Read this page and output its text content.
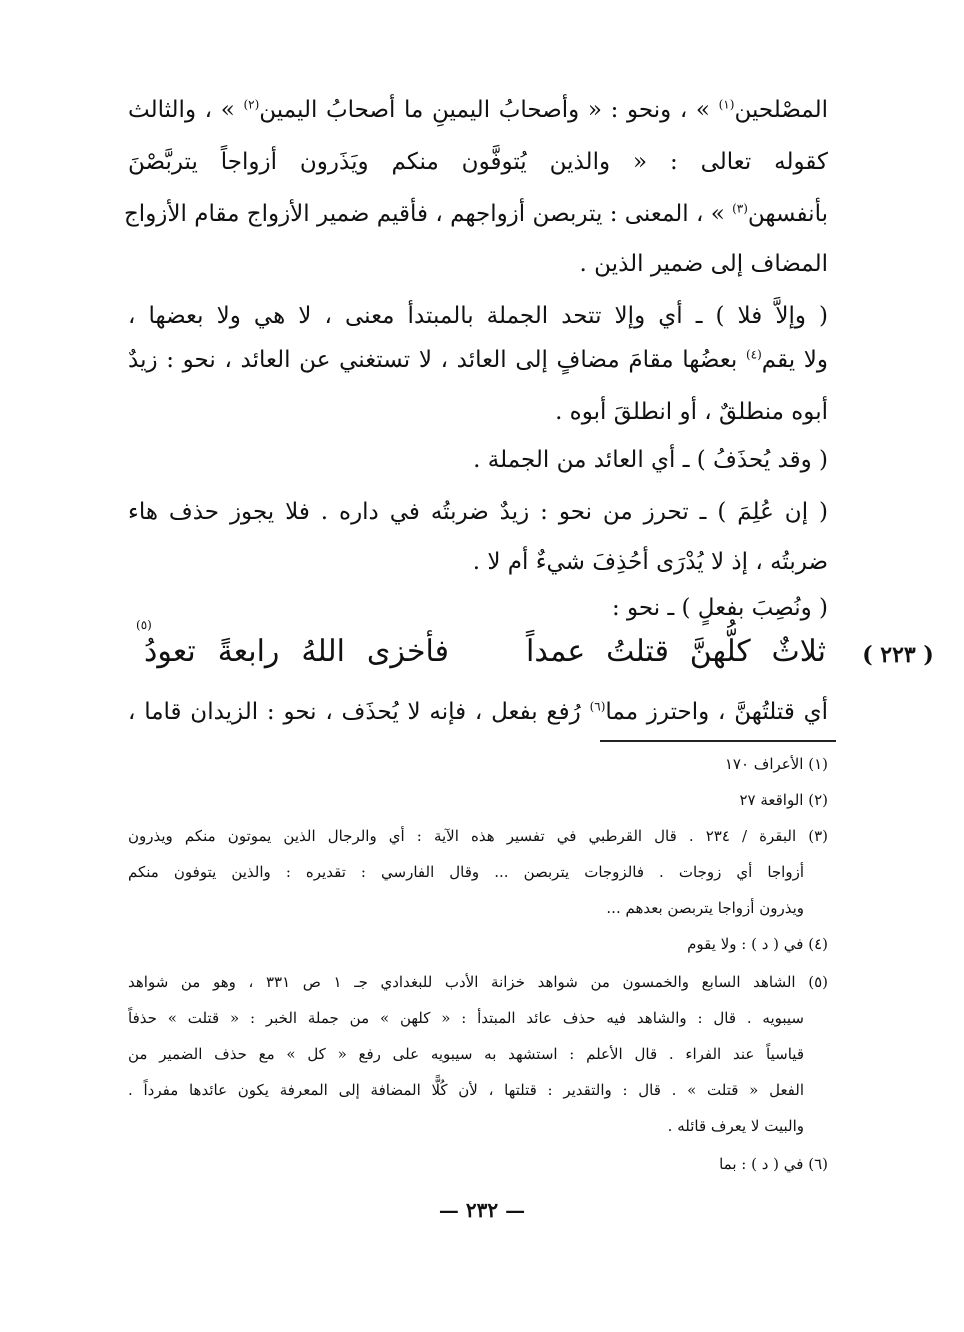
المصْلحين$^{(١)}$ » ، ونحو : « وأصحابُ اليمينِ ما أصحابُ اليمين$^{(٢)}$ » ، والثالث
كقوله تعالى : « والذين يُتوفَّون منكم ويَذَرون أزواجاً يتربَّصْنَ
بأنفسهن$^{(٣)}$ » ، المعنى : يتربصن أزواجهم ، فأقيم ضمير الأزواج مقام الأزواج
المضاف إلى ضمير الذين .
( وإلاَّ فلا ) ـ أي وإلا تتحد الجملة بالمبتدأ معنى ، لا هي ولا بعضها ،
ولا يقم$^{(٤)}$ بعضُها مقامَ مضافٍ إلى العائد ، لا تستغني عن العائد ، نحو : زيدٌ
أبوه منطلقٌ ، أو انطلقَ أبوه .
( وقد يُحذَفُ ) ـ أي العائد من الجملة .
( إن عُلِمَ ) ـ تحرز من نحو : زيدٌ ضربتُه في داره . فلا يجوز حذف هاء
ضربتُه ، إذ لا يُدْرَى أحُذِفَ شيءٌ أم لا .
( ونُصِبَ بفعلٍ ) ـ نحو :
( ٢٢٣ )
ثلاثٌ كلُّهنَّ قتلتُ عمداً
فأخزى اللهُ رابعةً تعودُ
(٥)
أي قتلتُهنَّ ، واحترز مما$^{(٦)}$ رُفع بفعل ، فإنه لا يُحذَف ، نحو : الزيدان قاما ،
(١) الأعراف ١٧٠
(٢) الواقعة ٢٧
(٣) البقرة / ٢٣٤ . قال القرطبي في تفسير هذه الآية : أي والرجال الذين يموتون منكم ويذرون
أزواجا أي زوجات . فالزوجات يتربصن ... وقال الفارسي : تقديره : والذين يتوفون منكم
ويذرون أزواجا يتربصن بعدهم ...
(٤) في ( د ) : ولا يقوم
(٥) الشاهد السابع والخمسون من شواهد خزانة الأدب للبغدادي جـ ١ ص ٣٣١ ، وهو من شواهد
سيبويه . قال : والشاهد فيه حذف عائد المبتدأ : « كلهن » من جملة الخبر : « قتلت » حذفاً
قياسياً عند الفراء . قال الأعلم : استشهد به سيبويه على رفع « كل » مع حذف الضمير من
الفعل « قتلت » . قال : والتقدير : قتلتها ، لأن كُلًّا المضافة إلى المعرفة يكون عائدها مفرداً .
والبيت لا يعرف قائله .
(٦) في ( د ) : بما
— ٢٣٢ —
